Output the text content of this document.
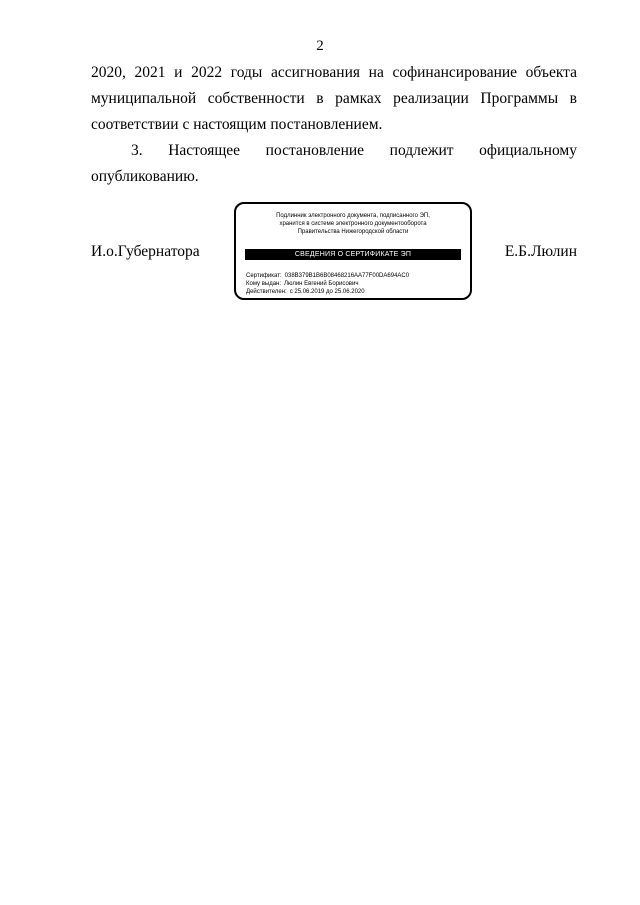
2
2020, 2021 и 2022 годы ассигнования на софинансирование объекта
муниципальной собственности в рамках реализации Программы в
соответствии с настоящим постановлением.
3. Настоящее постановление подлежит официальному
опубликованию.
И.о.Губернатора
Подлинник электронного документа, подписанного ЭП,
хранится в системе электронного документооборота
Правительства Нижегородской области
СВЕДЕНИЯ О СЕРТИФИКАТЕ ЭП
Сертификат: 038B379B1B6B08468216AA77F00DA694AC0
Кому выдан: Люлин Евгений Борисович
Действителен: с 25.06.2019 до 25.06.2020
Е.Б.Люлин
